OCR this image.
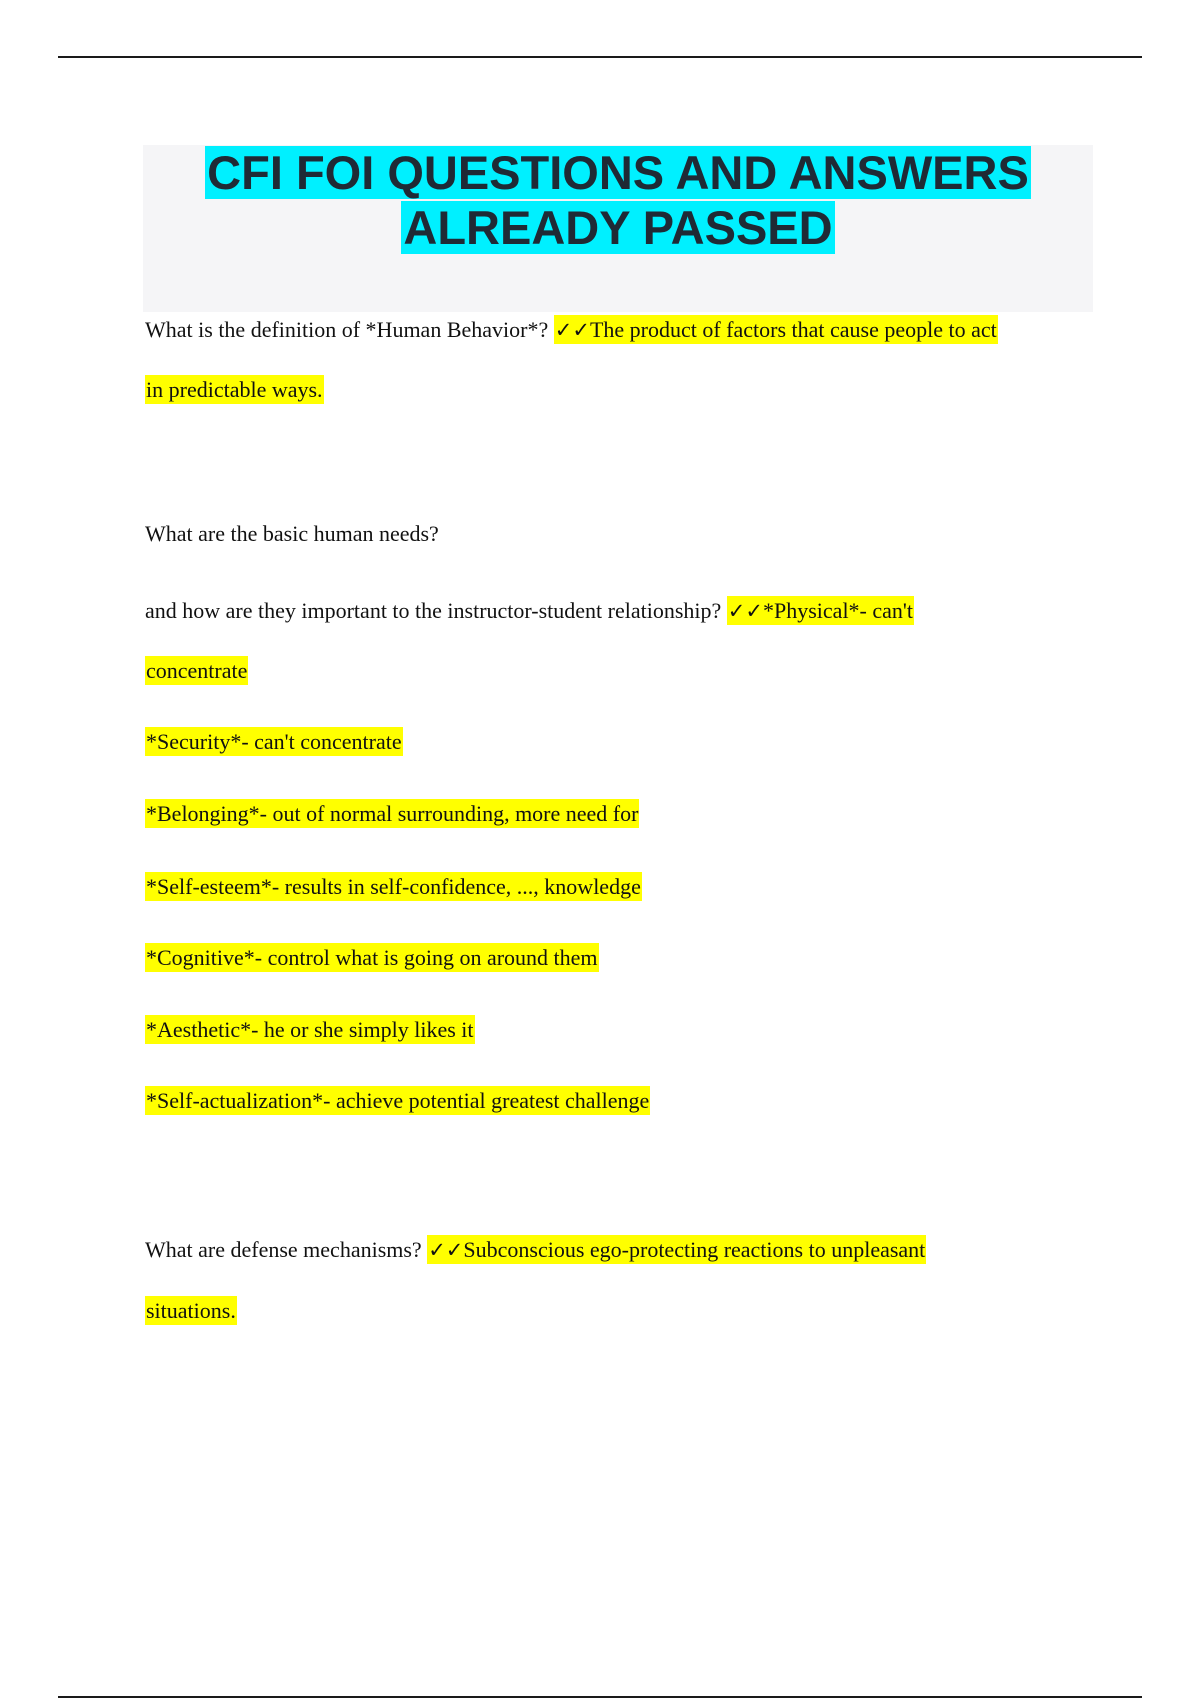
CFI FOI QUESTIONS AND ANSWERS
ALREADY PASSED
What is the definition of *Human Behavior*? ✓✓The product of factors that cause people to act
in predictable ways.
What are the basic human needs?
and how are they important to the instructor-student relationship? ✓✓*Physical*- can't
concentrate
*Security*- can't concentrate
*Belonging*- out of normal surrounding, more need for
*Self-esteem*- results in self-confidence, ..., knowledge
*Cognitive*- control what is going on around them
*Aesthetic*- he or she simply likes it
*Self-actualization*- achieve potential greatest challenge
What are defense mechanisms? ✓✓Subconscious ego-protecting reactions to unpleasant
situations.
